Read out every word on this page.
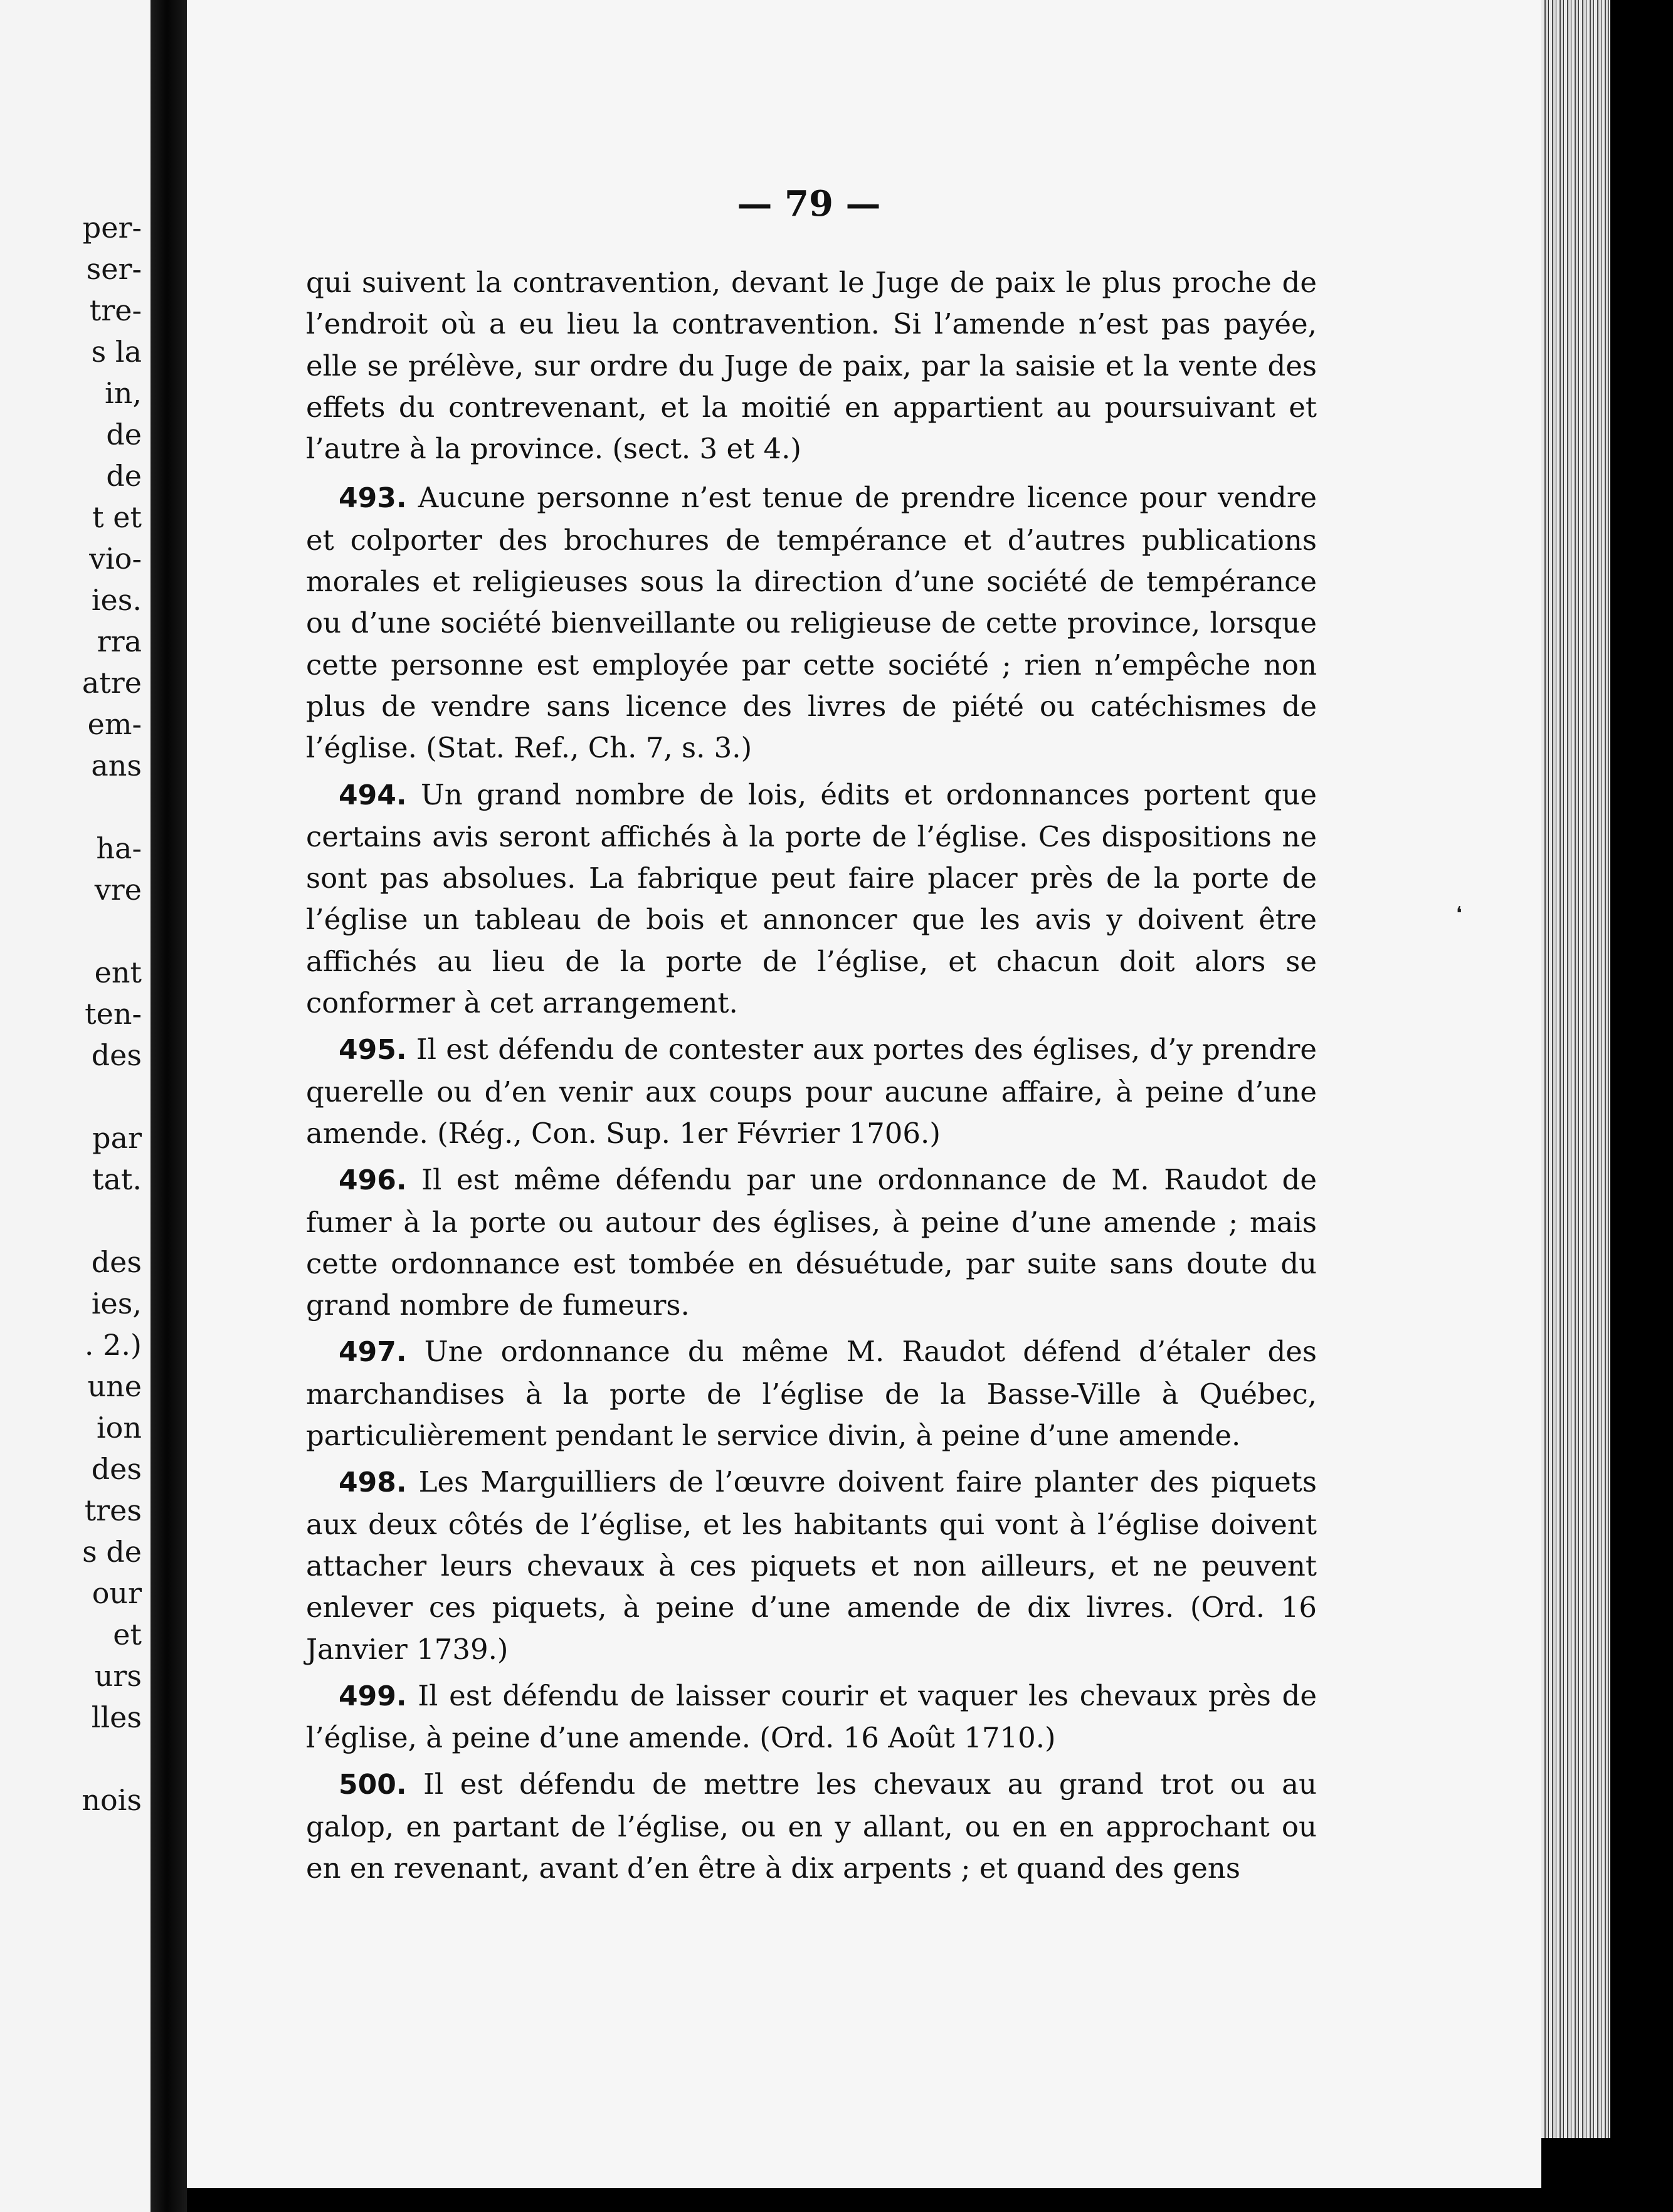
per-
ser-
tre-
s la
in,
de
de
t et
vio-
ies.
rra
atre
em-
ans

ha-
vre

ent
ten-
des

par
tat.

des
ies,
. 2.)
une
ion
des
tres
s de
our
et
urs
lles

nois
— 79 —

qui suivent la contravention, devant le Juge de paix le plus proche de l’endroit où a eu lieu la contravention. Si l’amende n’est pas payée, elle se prélève, sur ordre du Juge de paix, par la saisie et la vente des effets du contrevenant, et la moitié en appartient au poursuivant et l’autre à la province. (sect. 3 et 4.)

493. Aucune personne n’est tenue de prendre licence pour vendre et colporter des brochures de tempérance et d’autres publications morales et religieuses sous la direction d’une société de tempérance ou d’une société bienveillante ou religieuse de cette province, lorsque cette personne est employée par cette société ; rien n’empêche non plus de vendre sans licence des livres de piété ou catéchismes de l’église. (Stat. Ref., Ch. 7, s. 3.)

494. Un grand nombre de lois, édits et ordonnances portent que certains avis seront affichés à la porte de l’église. Ces dispositions ne sont pas absolues. La fabrique peut faire placer près de la porte de l’église un tableau de bois et annoncer que les avis y doivent être affichés au lieu de la porte de l’église, et chacun doit alors se conformer à cet arrangement.

495. Il est défendu de contester aux portes des églises, d’y prendre querelle ou d’en venir aux coups pour aucune affaire, à peine d’une amende. (Rég., Con. Sup. 1er Février 1706.)

496. Il est même défendu par une ordonnance de M. Raudot de fumer à la porte ou autour des églises, à peine d’une amende ; mais cette ordonnance est tombée en désuétude, par suite sans doute du grand nombre de fumeurs.

497. Une ordonnance du même M. Raudot défend d’étaler des marchandises à la porte de l’église de la Basse-Ville à Québec, particulièrement pendant le service divin, à peine d’une amende.

498. Les Marguilliers de l’œuvre doivent faire planter des piquets aux deux côtés de l’église, et les habitants qui vont à l’église doivent attacher leurs chevaux à ces piquets et non ailleurs, et ne peuvent enlever ces piquets, à peine d’une amende de dix livres. (Ord. 16 Janvier 1739.)

499. Il est défendu de laisser courir et vaquer les chevaux près de l’église, à peine d’une amende. (Ord. 16 Août 1710.)

500. Il est défendu de mettre les chevaux au grand trot ou au galop, en partant de l’église, ou en y allant, ou en en approchant ou en en revenant, avant d’en être à dix arpents ; et quand des gens

❛
